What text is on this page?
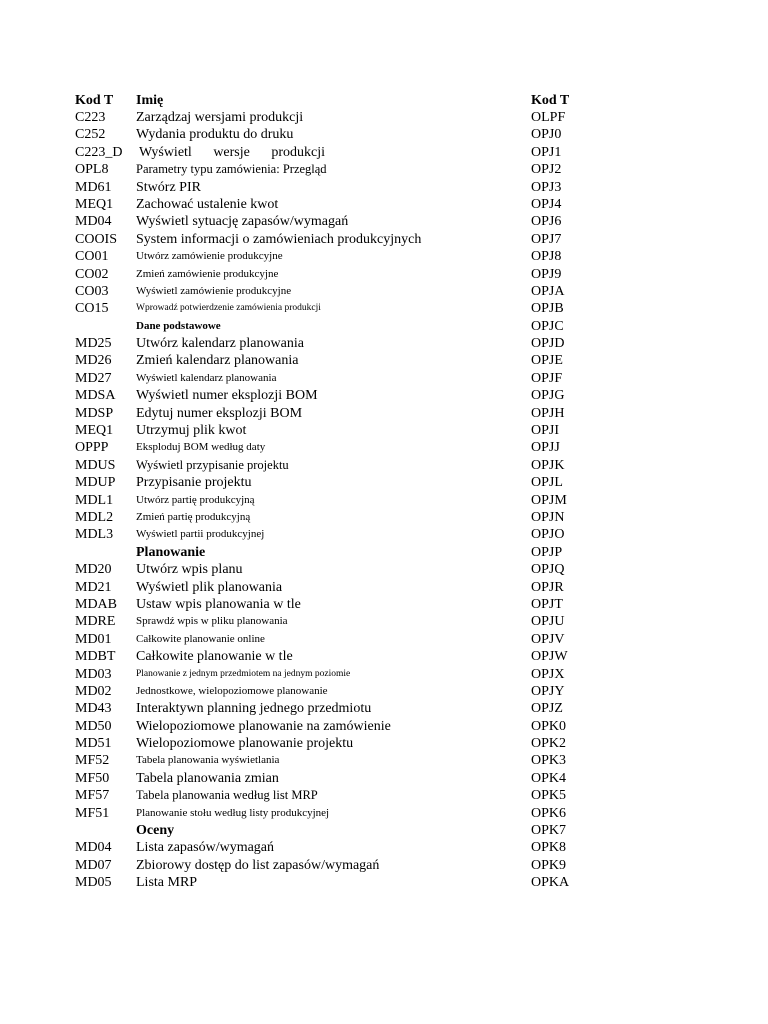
Kod T Imię	Kod T
C223 Zarządzaj wersjami produkcji	OLPF
C252 Wydania produktu do druku	OPJ0
C223_D Wyświetl wersje produkcji	OPJ1
OPL8 Parametry typu zamówienia: Przegląd	OPJ2
MD61 Stwórz PIR	OPJ3
MEQ1 Zachować ustalenie kwot	OPJ4
MD04 Wyświetl sytuację zapasów/wymagań	OPJ6
COOIS System informacji o zamówieniach produkcyjnych	OPJ7
CO01	Utwórz zamówienie produkcyjne	OPJ8
CO02	Zmień zamówienie produkcyjne	OPJ9
CO03	Wyświetl zamówienie produkcyjne	OPJA
CO15	Wprowadź potwierdzenie zamówienia produkcji	OPJB
Dane podstawowe	OPJC
MD25 Utwórz kalendarz planowania	OPJD
MD26 Zmień kalendarz planowania	OPJE
MD27 Wyświetl kalendarz planowania	OPJF
MDSA Wyświetl numer eksplozji BOM	OPJG
MDSP Edytuj numer eksplozji BOM	OPJH
MEQ1 Utrzymuj plik kwot	OPJI
OPPP	Eksploduj BOM według daty	OPJJ
MDUS Wyświetl przypisanie projektu	OPJK
MDUP Przypisanie projektu	OPJL
MDL1 Utwórz partię produkcyjną	OPJM
MDL2 Zmień partię produkcyjną	OPJN
MDL3 Wyświetl partii produkcyjnej	OPJO
Planowanie	OPJP
MD20 Utwórz wpis planu	OPJQ
MD21 Wyświetl plik planowania	OPJR
MDAB Ustaw wpis planowania w tle	OPJT
MDRE Sprawdź wpis w pliku planowania	OPJU
MD01 Całkowite planowanie online	OPJV
MDBT Całkowite planowanie w tle	OPJW
MD03	Planowanie z jednym przedmiotem na jednym poziomie	OPJX
MD02 Jednostkowe, wielopoziomowe planowanie	OPJY
MD43 Interaktywn planning jednego przedmiotu	OPJZ
MD50 Wielopoziomowe planowanie na zamówienie	OPK0
MD51 Wielopoziomowe planowanie projektu	OPK2
MF52 Tabela planowania wyświetlania	OPK3
MF50 Tabela planowania zmian	OPK4
MF57 Tabela planowania według list MRP	OPK5
MF51 Planowanie stołu według listy produkcyjnej	OPK6
Oceny	OPK7
MD04 Lista zapasów/wymagań	OPK8
MD07 Zbiorowy dostęp do list zapasów/wymagań	OPK9
MD05 Lista MRP	OPKA
